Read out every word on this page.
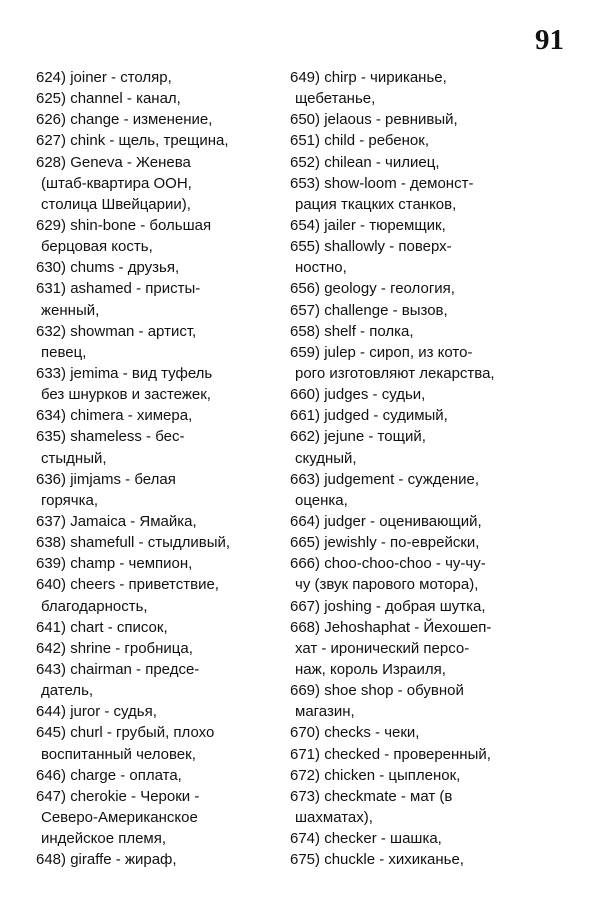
91
624) joiner - столяр,
625) channel - канал,
626) change - изменение,
627) chink - щель, трещина,
628) Geneva - Женева
(штаб-квартира ООН,
столица Швейцарии),
629) shin-bone - большая
берцовая кость,
630) chums - друзья,
631) ashamed - присты-
женный,
632) showman - артист,
певец,
633) jemima - вид туфель
без шнурков и застежек,
634) chimera - химера,
635) shameless - бес-
стыдный,
636) jimjams - белая
горячка,
637) Jamaica - Ямайка,
638) shamefull - стыдливый,
639) champ - чемпион,
640) cheers - приветствие,
благодарность,
641) chart - список,
642) shrine - гробница,
643) chairman - предсе-
датель,
644) juror - судья,
645) churl - грубый, плохо
воспитанный человек,
646) charge - оплата,
647) cherokie - Чероки -
Северо-Американское
индейское племя,
648) giraffe - жираф,
649) chirp - чириканье,
щебетанье,
650) jelaous - ревнивый,
651) child - ребенок,
652) chilean - чилиец,
653) show-loom - демонст-
рация ткацких станков,
654) jailer - тюремщик,
655) shallowly - поверх-
ностно,
656) geology - геология,
657) challenge - вызов,
658) shelf - полка,
659) julep - сироп, из кото-
рого изготовляют лекарства,
660) judges - судьи,
661) judged - судимый,
662) jejune - тощий,
скудный,
663) judgement - суждение,
оценка,
664) judger - оценивающий,
665) jewishly - по-еврейски,
666) choo-choo-choo - чу-чу-
чу (звук парового мотора),
667) joshing - добрая шутка,
668) Jehoshaphat - Йехошеп-
хат - иронический персо-
наж, король Израиля,
669) shoe shop - обувной
магазин,
670) checks - чеки,
671) checked - проверенный,
672) chicken - цыпленок,
673) checkmate - мат (в
шахматах),
674) checker - шашка,
675) chuckle - хихиканье,
